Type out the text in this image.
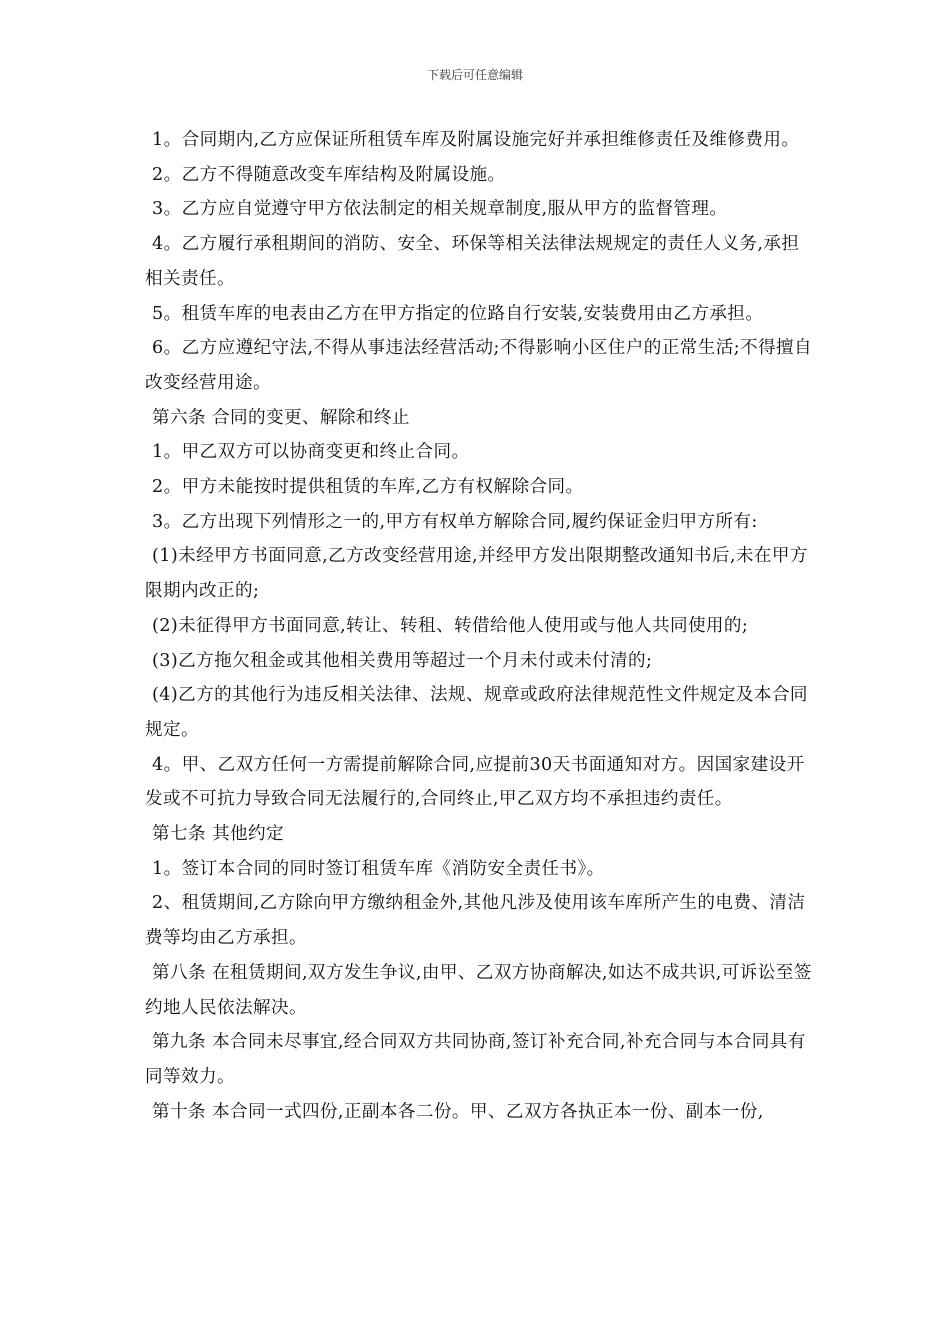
下载后可任意编辑

1。合同期内,乙方应保证所租赁车库及附属设施完好并承担维修责任及维修费用。

2。乙方不得随意改变车库结构及附属设施。

3。乙方应自觉遵守甲方依法制定的相关规章制度,服从甲方的监督管理。

4。乙方履行承租期间的消防、安全、环保等相关法律法规规定的责任人义务,承担相关责任。

5。租赁车库的电表由乙方在甲方指定的位路自行安装,安装费用由乙方承担。

6。乙方应遵纪守法,不得从事违法经营活动;不得影响小区住户的正常生活;不得擅自改变经营用途。

第六条 合同的变更、解除和终止

1。甲乙双方可以协商变更和终止合同。

2。甲方未能按时提供租赁的车库,乙方有权解除合同。

3。乙方出现下列情形之一的,甲方有权单方解除合同,履约保证金归甲方所有:

(1)未经甲方书面同意,乙方改变经营用途,并经甲方发出限期整改通知书后,未在甲方限期内改正的;

(2)未征得甲方书面同意,转让、转租、转借给他人使用或与他人共同使用的;

(3)乙方拖欠租金或其他相关费用等超过一个月未付或未付清的;

(4)乙方的其他行为违反相关法律、法规、规章或政府法律规范性文件规定及本合同规定。

4。甲、乙双方任何一方需提前解除合同,应提前30天书面通知对方。因国家建设开发或不可抗力导致合同无法履行的,合同终止,甲乙双方均不承担违约责任。

第七条 其他约定

1。签订本合同的同时签订租赁车库《消防安全责任书》。

2、租赁期间,乙方除向甲方缴纳租金外,其他凡涉及使用该车库所产生的电费、清洁费等均由乙方承担。

第八条 在租赁期间,双方发生争议,由甲、乙双方协商解决,如达不成共识,可诉讼至签约地人民依法解决。

第九条 本合同未尽事宜,经合同双方共同协商,签订补充合同,补充合同与本合同具有同等效力。

第十条 本合同一式四份,正副本各二份。甲、乙双方各执正本一份、副本一份,
